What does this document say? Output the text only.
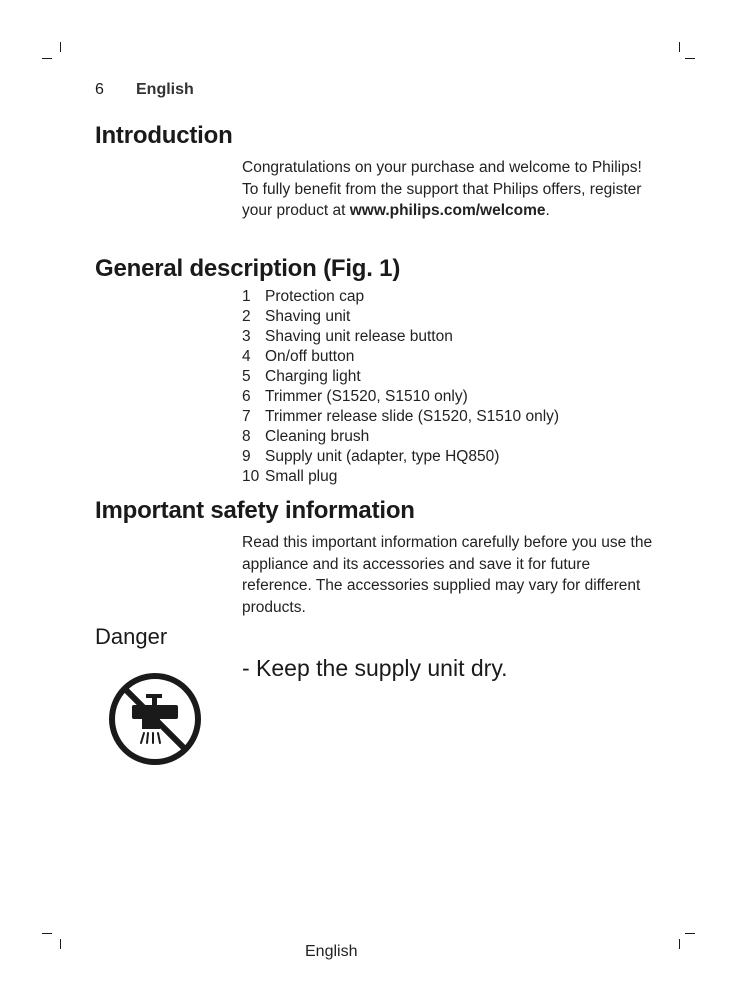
6 English
Introduction

Congratulations on your purchase and welcome to Philips! To fully benefit from the support that Philips offers, register your product at www.philips.com/welcome.

General description (Fig. 1)
1 Protection cap
2 Shaving unit
3 Shaving unit release button
4 On/off button
5 Charging light
6 Trimmer (S1520, S1510 only)
7 Trimmer release slide (S1520, S1510 only)
8 Cleaning brush
9 Supply unit (adapter, type HQ850)
10 Small plug
Important safety information

Read this important information carefully before you use the appliance and its accessories and save it for future reference. The accessories supplied may vary for different products.

Danger

- Keep the supply unit dry.

English
